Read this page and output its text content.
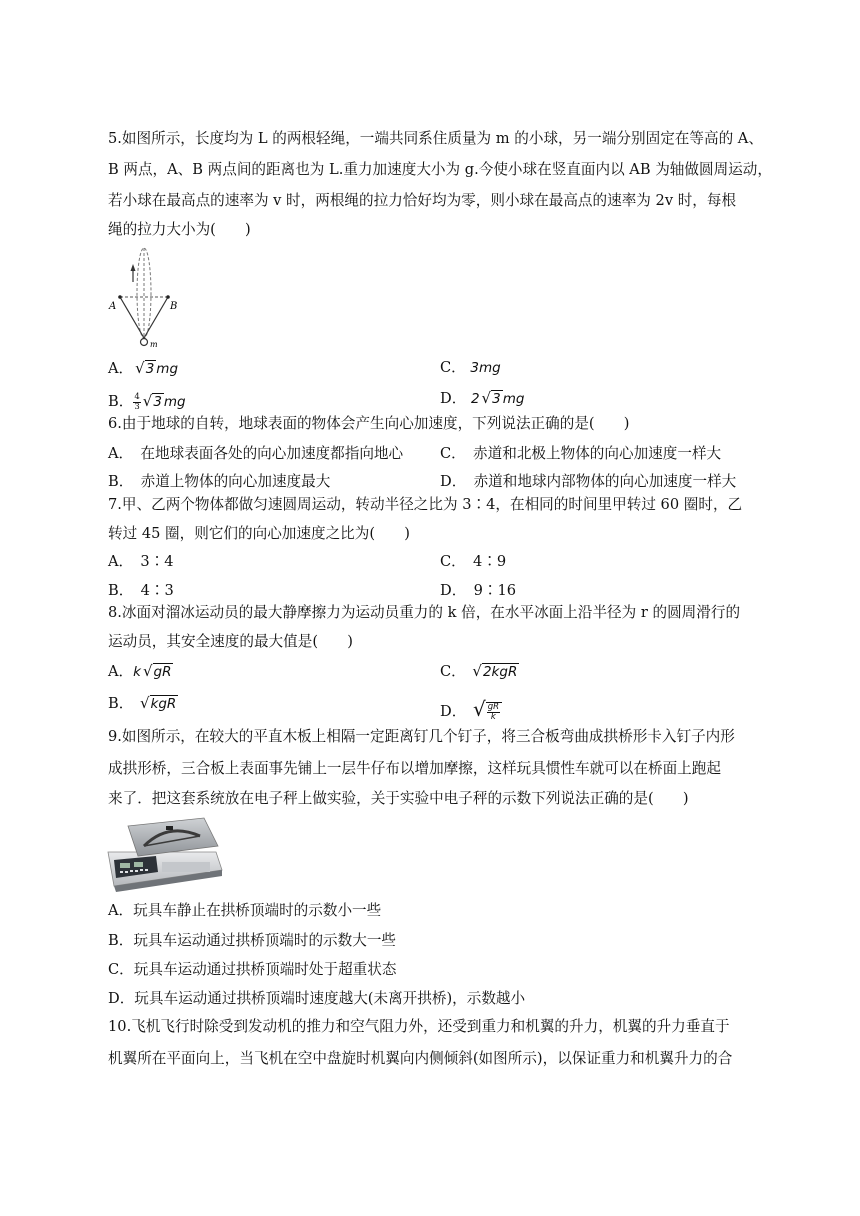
5.如图所示，长度均为 L 的两根轻绳，一端共同系住质量为 m 的小球，另一端分别固定在等高的 A、
B 两点，A、B 两点间的距离也为 L.重力加速度大小为 g.今使小球在竖直面内以 AB 为轴做圆周运动，
若小球在最高点的速率为 v 时，两根绳的拉力恰好均为零，则小球在最高点的速率为 2v 时，每根
绳的拉力大小为(　　)
A	B
m
A． √3 mg	C． 3mg
B． $\frac{4}{3} √3$ mg	D． 2 √3 mg
6.由于地球的自转，地球表面的物体会产生向心加速度，下列说法正确的是(　　)
A．　在地球表面各处的向心加速度都指向地心	C．　赤道和北极上物体的向心加速度一样大
B．　赤道上物体的向心加速度最大	D．　赤道和地球内部物体的向心加速度一样大
7.甲、乙两个物体都做匀速圆周运动，转动半径之比为 3∶4，在相同的时间里甲转过 60 圈时，乙
转过 45 圈，则它们的向心加速度之比为(　　)
A．　3∶4	C．　4∶9
B．　4∶3	D．　9∶16
8.冰面对溜冰运动员的最大静摩擦力为运动员重力的 k 倍，在水平冰面上沿半径为 r 的圆周滑行的
运动员，其安全速度的最大值是(　　)
A．k √gR	C． √2kgR
B． √kgR	D． √ $\frac{gR}{k}$
9.如图所示，在较大的平直木板上相隔一定距离钉几个钉子，将三合板弯曲成拱桥形卡入钉子内形
成拱形桥，三合板上表面事先铺上一层牛仔布以增加摩擦，这样玩具惯性车就可以在桥面上跑起
来了．把这套系统放在电子秤上做实验，关于实验中电子秤的示数下列说法正确的是(　　)
A．玩具车静止在拱桥顶端时的示数小一些
B．玩具车运动通过拱桥顶端时的示数大一些
C．玩具车运动通过拱桥顶端时处于超重状态
D．玩具车运动通过拱桥顶端时速度越大(未离开拱桥)，示数越小
10.飞机飞行时除受到发动机的推力和空气阻力外，还受到重力和机翼的升力，机翼的升力垂直于
机翼所在平面向上，当飞机在空中盘旋时机翼向内侧倾斜(如图所示)，以保证重力和机翼升力的合
